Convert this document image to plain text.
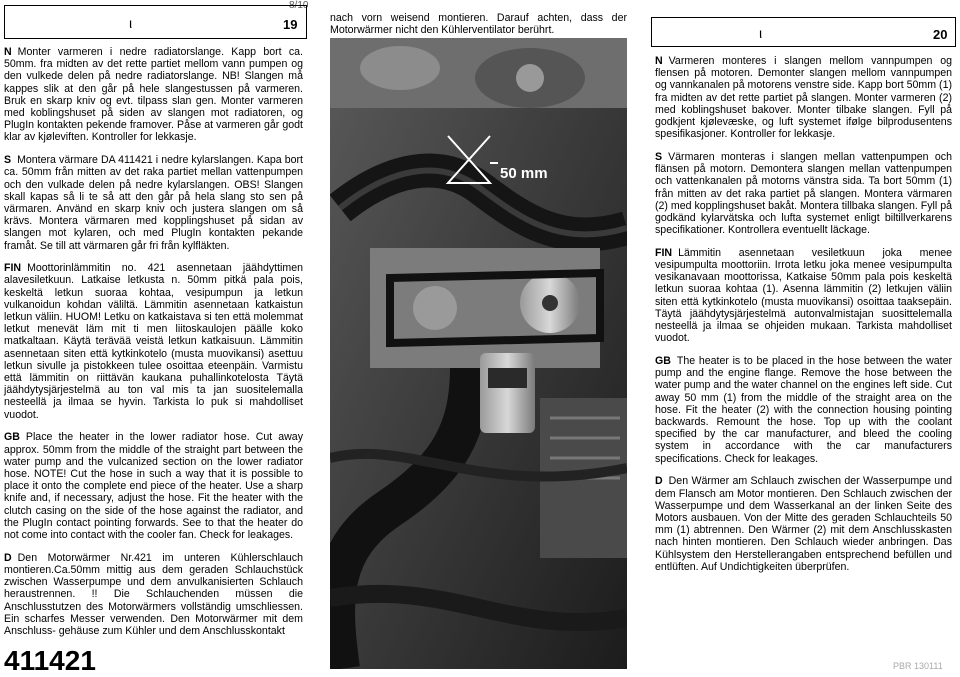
8/10
ι	19
ι	20

N Monter varmeren i nedre radiatorslange. Kapp bort ca. 50mm. fra midten av det rette partiet mellom vann pumpen og den vulkede delen på nedre radiatorslange. NB! Slangen må kappes slik at den går på hele slangestussen på varmeren. Bruk en skarp kniv og evt. tilpass slan gen. Monter varmeren med koblingshuset på siden av slangen mot radiatoren, og PlugIn kontakten pekende framover. Påse at varmeren går godt klar av kjøleviften. Kontroller for lekkasje.

S Montera värmare DA 411421 i nedre kylarslangen. Kapa bort ca. 50mm från mitten av det raka partiet mellan vattenpumpen och den vulkade delen på nedre kylarslangen. OBS! Slangen skall kapas så li te så att den går på hela slang sto sen på värmaren. Använd en skarp kniv och justera slangen om så krävs. Montera värmaren med kopplingshuset på sidan av slangen mot kylaren, och med PlugIn kontakten pekande framåt. Se till att värmaren går fri från kylfläkten.

FIN Moottorinlämmitin no. 421 asennetaan jäähdyttimen alavesiletkuun. Latkaise letkusta n. 50mm pitkä pala pois, keskeltä letkun suoraa kohtaa, vesipumpun ja letkun vulkanoidun kohdan väliltä. Lämmitin asennetaan katkaistun letkun väliin. HUOM! Letku on katkaistava si ten että molemmat letkut menevät läm mit ti men liitoskaulojen päälle koko matkaltaan. Käytä terävää veistä letkun katkaisuun. Lämmitin asennetaan siten että kytkinkotelo (musta muovikansi) asettuu letkun sivulle ja pistokkeen tulee osoittaa eteenpäin. Varmistu että lämmitin on riittävän kaukana puhallinkotelosta Täytä jäähdytysjärjestelmä au ton val mis ta jan suositelemalla nesteellä ja ilmaa se hyvin. Tarkista lo puk si mahdolliset vuodot.

GB Place the heater in the lower radiator hose. Cut away approx. 50mm from the middle of the straight part between the water pump and the vulcanized section on the lower radiator hose. NOTE! Cut the hose in such a way that it is possible to place it onto the complete end piece of the heater. Use a sharp knife and, if necessary, adjust the hose. Fit the heater with the clutch casing on the side of the hose against the radiator, and the PlugIn contact pointing forwards. See to that the heater do not come into contact with the cooler fan. Check for leakages.

D Den Motorwärmer Nr.421 im unteren Kühlerschlauch montieren.Ca.50mm mittig aus dem geraden Schlauchstück zwischen Wasserpumpe und dem anvulkanisierten Schlauch heraustrennen. !! Die Schlauchenden müssen die Anschlusstutzen des Motorwärmers vollständig umschliessen. Ein scharfes Messer verwenden. Den Motorwärmer mit dem Anschluss- gehäuse zum Kühler und dem Anschlusskontakt

nach vorn weisend montieren. Darauf achten, dass der Motorwärmer nicht den Kühlerventilator berührt.
50 mm

N Varmeren monteres i slangen mellom vannpumpen og flensen på motoren. Demonter slangen mellom vannpumpen og vannkanalen på motorens venstre side. Kapp bort 50mm (1) fra midten av det rette partiet på slangen. Monter varmeren (2) med koblingshuset bakover. Monter tilbake slangen. Fyll på godkjent kjølevæske, og luft systemet ifølge bilprodusentens spesifikasjoner. Kontroller for lekkasje.

S Värmaren monteras i slangen mellan vattenpumpen och flänsen på motorn. Demontera slangen mellan vattenpumpen och vattenkanalen på motorns vänstra sida. Ta bort 50mm (1) från mitten av det raka partiet på slangen. Montera värmaren (2) med kopplingshuset bakåt. Montera tillbaka slangen. Fyll på godkänd kylarvätska och lufta systemet enligt biltillverkarens specifikationer. Kontrollera eventuellt läckage.

FIN Lämmitin asennetaan vesiletkuun joka menee vesipumpulta moottoriin. Irrota letku joka menee vesipumpulta vesikanavaan moottorissa, Katkaise 50mm pala pois keskeltä letkun suoraa kohtaa (1). Asenna lämmitin (2) letkujen väliin siten että kytkinkotelo (musta muovikansi) osoittaa taaksepäin. Täytä jäähdytysjärjestelmä autonvalmistajan suosittelemalla nesteellä ja ilmaa se ohjeiden mukaan. Tarkista mahdolliset vuodot.

GB The heater is to be placed in the hose between the water pump and the engine flange. Remove the hose between the water pump and the water channel on the engines left side. Cut away 50 mm (1) from the middle of the straight area on the hose. Fit the heater (2) with the connection housing pointing backwards. Remount the hose. Top up with the coolant specified by the car manufacturer, and bleed the cooling system in accordance with the car manufacturers specifications. Check for leakages.

D Den Wärmer am Schlauch zwischen der Wasserpumpe und dem Flansch am Motor montieren. Den Schlauch zwischen der Wasserpumpe und dem Wasserkanal an der linken Seite des Motors ausbauen. Von der Mitte des geraden Schlauchteils 50 mm (1) abtrennen. Den Wärmer (2) mit dem Anschlusskasten nach hinten montieren. Den Schlauch wieder anbringen. Das Kühlsystem den Herstellerangaben entsprechend befüllen und entlüften. Auf Undichtigkeiten überprüfen.

411421	PBR 130111
